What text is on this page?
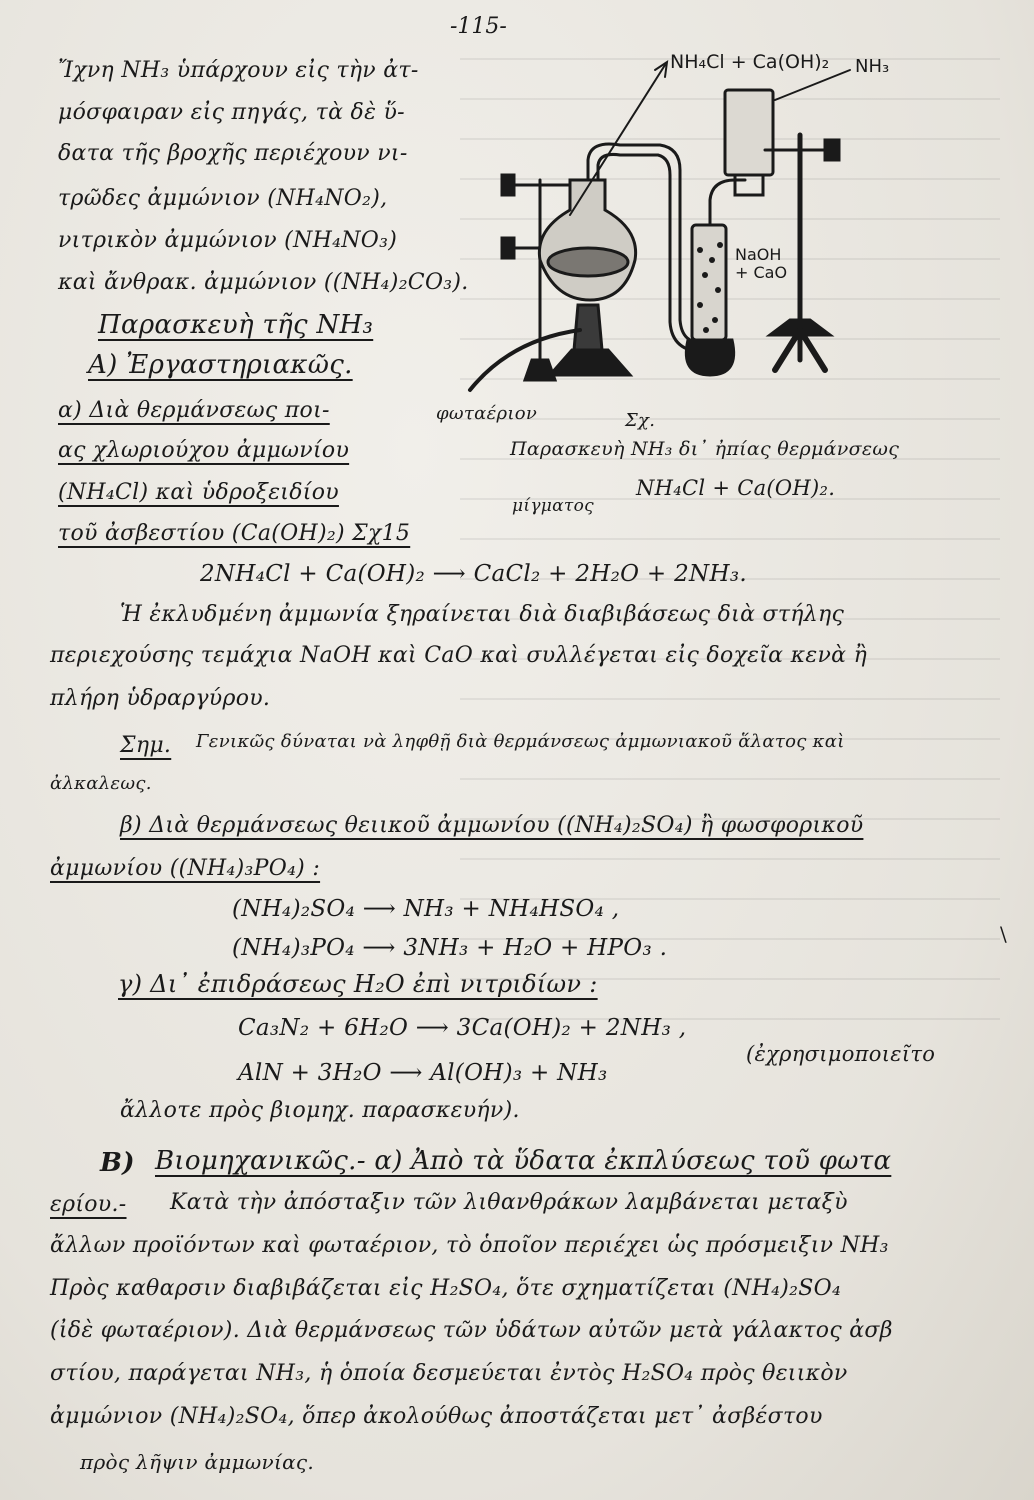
-115-
NH₄Cl + Ca(OH)₂ NH₃
NaOH
+ CaO
φωταέριον	Σχ.
Παρασκευὴ NH₃ δι᾽ ἠπίας θερμάνσεως
μίγματος
NH₄Cl + Ca(OH)₂.
Ἴχνη NH₃ ὑπάρχουν εἰς τὴν ἀτ-
μόσφαιραν εἰς πηγάς, τὰ δὲ ὕ-
δατα τῆς βροχῆς περιέχουν νι-
τρῶδες ἀμμώνιον (NH₄NO₂),
νιτρικὸν ἀμμώνιον (NH₄NO₃)
καὶ ἄνθρακ. ἀμμώνιον ((NH₄)₂CO₃).
Παρασκευὴ τῆς NH₃
A) Ἐργαστηριακῶς.
α) Διὰ θερμάνσεως ποι-
ας χλωριούχου ἀμμωνίου
(NH₄Cl) καὶ ὑδροξειδίου
τοῦ ἀσβεστίου (Ca(OH)₂) Σχ15
2NH₄Cl + Ca(OH)₂ ⟶ CaCl₂ + 2H₂O + 2NH₃.
Ἡ ἐκλυδμένη ἀμμωνία ξηραίνεται διὰ διαβιβάσεως διὰ στήλης
περιεχούσης τεμάχια NaOH καὶ CaO καὶ συλλέγεται εἰς δοχεῖα κενὰ ἢ
πλήρη ὑδραργύρου.
Σημ. Γενικῶς δύναται νὰ ληφθῇ διὰ θερμάνσεως ἀμμωνιακοῦ ἅλατος καὶ
ἀλκαλεως.
β) Διὰ θερμάνσεως θειικοῦ ἀμμωνίου ((NH₄)₂SO₄) ἢ φωσφορικοῦ
ἀμμωνίου ((NH₄)₃PO₄) :
(NH₄)₂SO₄ ⟶ NH₃ + NH₄HSO₄ ,
(NH₄)₃PO₄ ⟶ 3NH₃ + H₂O + HPO₃ .
γ) Δι᾽ ἐπιδράσεως H₂O ἐπὶ νιτριδίων :
Ca₃N₂ + 6H₂O ⟶ 3Ca(OH)₂ + 2NH₃ ,
AlN + 3H₂O ⟶ Al(OH)₃ + NH₃
(ἐχρησιμοποιεῖτο
ἄλλοτε πρὸς βιομηχ. παρασκευήν).
B) Βιομηχανικῶς.- α) Ἀπὸ τὰ ὕδατα ἐκπλύσεως τοῦ φωτα
ερίου.- Κατὰ τὴν ἀπόσταξιν τῶν λιθανθράκων λαμβάνεται μεταξὺ
ἄλλων προϊόντων καὶ φωταέριον, τὸ ὁποῖον περιέχει ὡς πρόσμειξιν NH₃
Πρὸς καθαρσιν διαβιβάζεται εἰς H₂SO₄, ὅτε σχηματίζεται (NH₄)₂SO₄
(ἰδὲ φωταέριον). Διὰ θερμάνσεως τῶν ὑδάτων αὐτῶν μετὰ γάλακτος ἀσβ
στίου, παράγεται NH₃, ἡ ὁποία δεσμεύεται ἐντὸς H₂SO₄ πρὸς θειικὸν
ἀμμώνιον (NH₄)₂SO₄, ὅπερ ἀκολούθως ἀποστάζεται μετ᾽ ἀσβέστου
πρὸς λῆψιν ἀμμωνίας.
\
